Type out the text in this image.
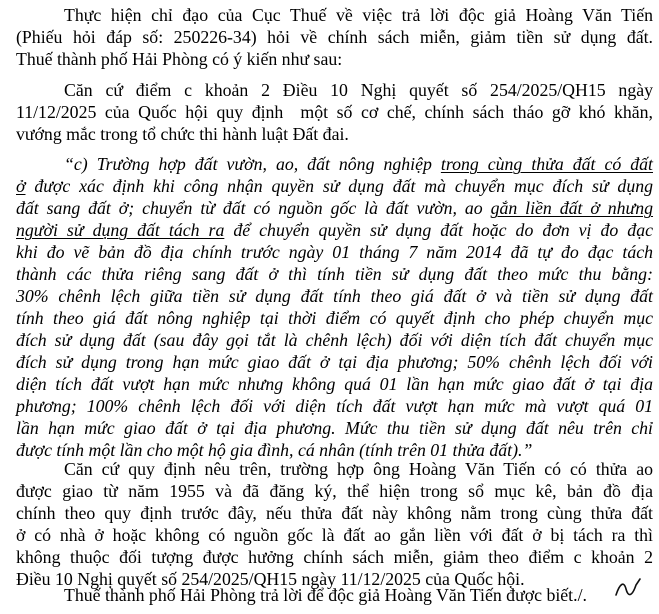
Thực hiện chỉ đạo của Cục Thuế về việc trả lời độc giả Hoàng Văn Tiến
(Phiếu hỏi đáp số: 250226-34) hỏi về chính sách miễn, giảm tiền sử dụng đất.
Thuế thành phố Hải Phòng có ý kiến như sau:
Căn cứ điểm c khoản 2 Điều 10 Nghị quyết số 254/2025/QH15 ngày
11/12/2025 của Quốc hội quy định  một số cơ chế, chính sách tháo gỡ khó khăn,
vướng mắc trong tổ chức thi hành luật Đất đai.
“c) Trường hợp đất vườn, ao, đất nông nghiệp trong cùng thửa đất có đất
ở được xác định khi công nhận quyền sử dụng đất mà chuyển mục đích sử dụng
đất sang đất ở; chuyển từ đất có nguồn gốc là đất vườn, ao gắn liền đất ở nhưng
người sử dụng đất tách ra để chuyển quyền sử dụng đất hoặc do đơn vị đo đạc
khi đo vẽ bản đồ địa chính trước ngày 01 tháng 7 năm 2014 đã tự đo đạc tách
thành các thửa riêng sang đất ở thì tính tiền sử dụng đất theo mức thu bằng:
30% chênh lệch giữa tiền sử dụng đất tính theo giá đất ở và tiền sử dụng đất
tính theo giá đất nông nghiệp tại thời điểm có quyết định cho phép chuyển mục
đích sử dụng đất (sau đây gọi tắt là chênh lệch) đối với diện tích đất chuyển mục
đích sử dụng trong hạn mức giao đất ở tại địa phương; 50% chênh lệch đối với
diện tích đất vượt hạn mức nhưng không quá 01 lần hạn mức giao đất ở tại địa
phương; 100% chênh lệch đối với diện tích đất vượt hạn mức mà vượt quá 01
lần hạn mức giao đất ở tại địa phương. Mức thu tiền sử dụng đất nêu trên chỉ
được tính một lần cho một hộ gia đình, cá nhân (tính trên 01 thửa đất).”
Căn cứ quy định nêu trên, trường hợp ông Hoàng Văn Tiến có có thửa ao
được giao từ năm 1955 và đã đăng ký, thể hiện trong sổ mục kê, bản đồ địa
chính theo quy định trước đây, nếu thửa đất này không nằm trong cùng thửa đất
ở có nhà ở hoặc không có nguồn gốc là đất ao gắn liền với đất ở bị tách ra thì
không thuộc đối tượng được hưởng chính sách miễn, giảm theo điểm c khoản 2
Điều 10 Nghị quyết số 254/2025/QH15 ngày 11/12/2025 của Quốc hội.
Thuế thành phố Hải Phòng trả lời để độc giả Hoàng Văn Tiến được biết./.
